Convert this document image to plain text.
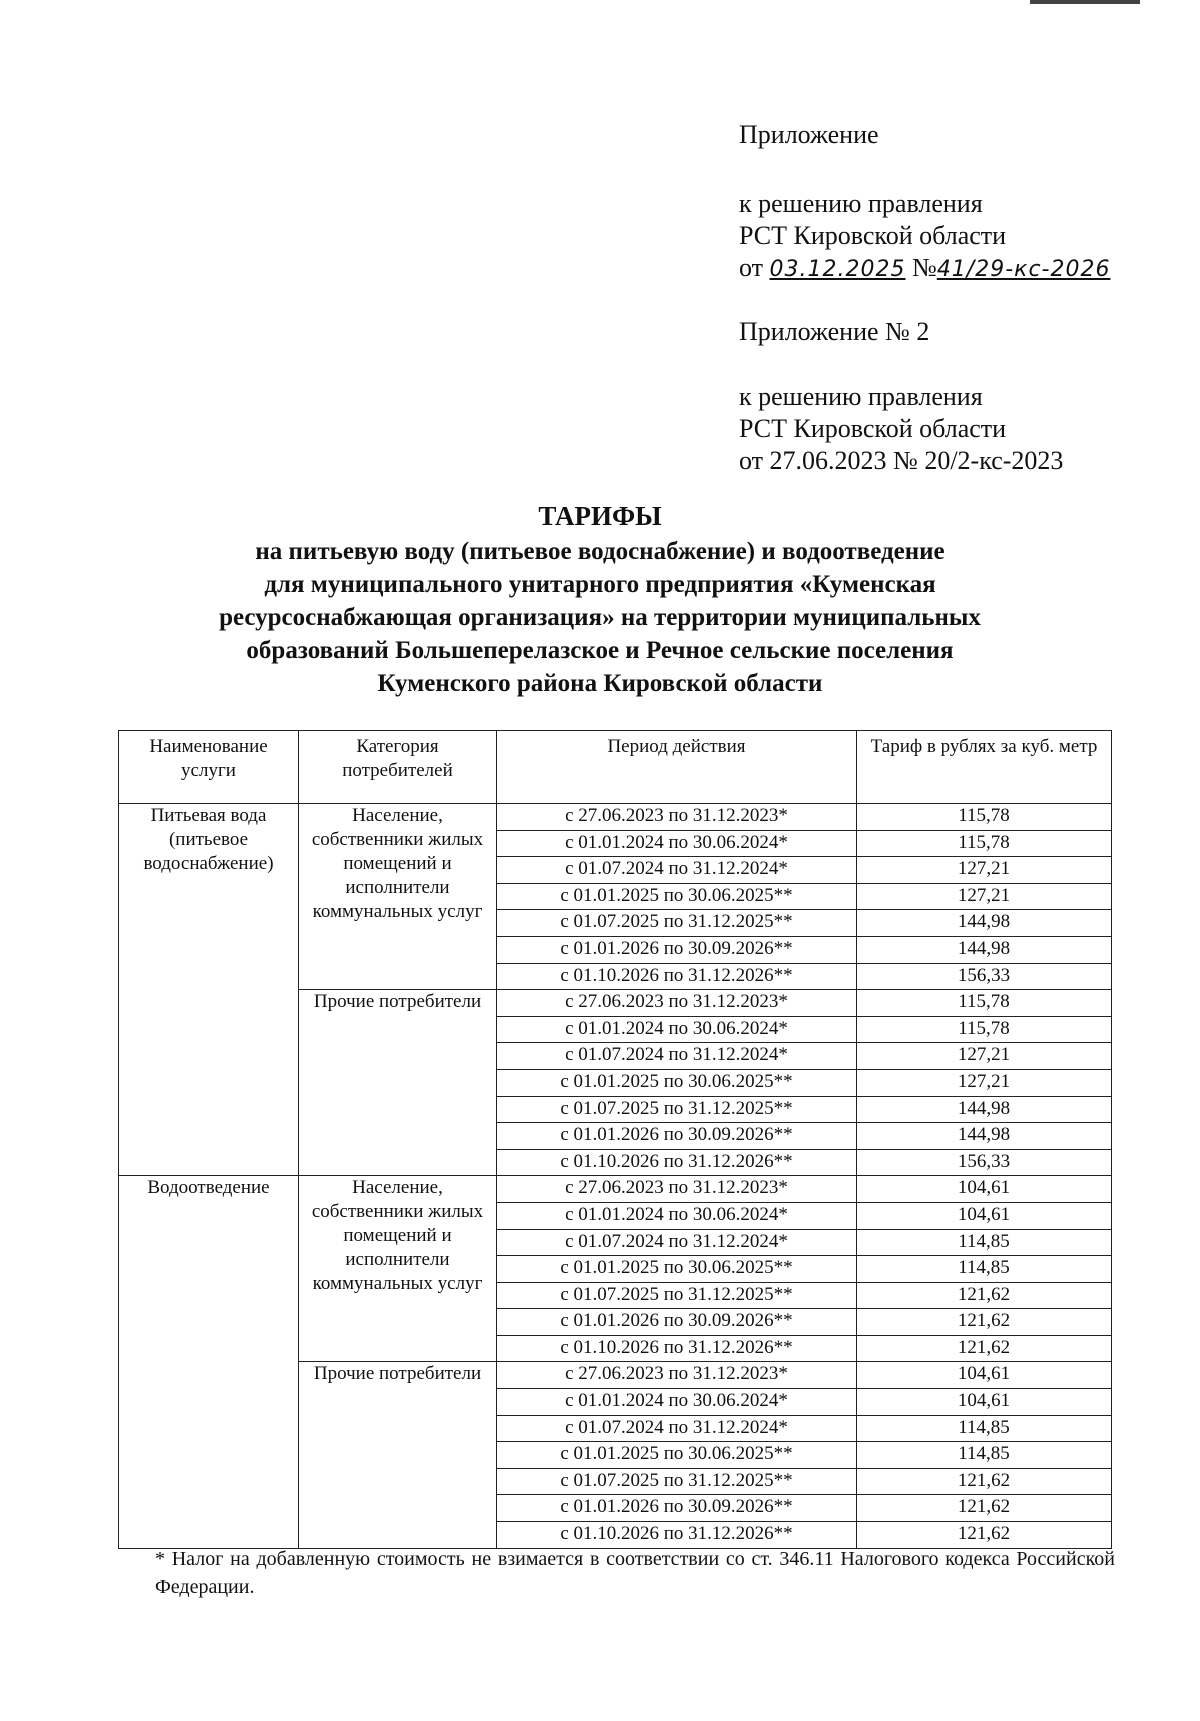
Приложение

к решению правления

РСТ Кировской области

от 03.12.2025 №41/29-кс-2026

Приложение № 2

к решению правления

РСТ Кировской области

от 27.06.2023 № 20/2-кс-2023

ТАРИФЫ
на питьевую воду (питьевое водоснабжение) и водоотведение
для муниципального унитарного предприятия «Куменская
ресурсоснабжающая организация» на территории муниципальных
образований Большеперелазское и Речное сельские поселения
Куменского района Кировской области
Наименование услуги	Категория потребителей	Период действия	Тариф в рублях за куб. метр
Питьевая вода (питьевое водоснабжение)	Население, собственники жилых помещений и исполнители коммунальных услуг	с 27.06.2023 по 31.12.2023*	115,78
		с 01.01.2024 по 30.06.2024*	115,78
		с 01.07.2024 по 31.12.2024*	127,21
		с 01.01.2025 по 30.06.2025**	127,21
		с 01.07.2025 по 31.12.2025**	144,98
		с 01.01.2026 по 30.09.2026**	144,98
		с 01.10.2026 по 31.12.2026**	156,33
	Прочие потребители	с 27.06.2023 по 31.12.2023*	115,78
		с 01.01.2024 по 30.06.2024*	115,78
		с 01.07.2024 по 31.12.2024*	127,21
		с 01.01.2025 по 30.06.2025**	127,21
		с 01.07.2025 по 31.12.2025**	144,98
		с 01.01.2026 по 30.09.2026**	144,98
		с 01.10.2026 по 31.12.2026**	156,33
Водоотведение	Население, собственники жилых помещений и исполнители коммунальных услуг	с 27.06.2023 по 31.12.2023*	104,61
		с 01.01.2024 по 30.06.2024*	104,61
		с 01.07.2024 по 31.12.2024*	114,85
		с 01.01.2025 по 30.06.2025**	114,85
		с 01.07.2025 по 31.12.2025**	121,62
		с 01.01.2026 по 30.09.2026**	121,62
		с 01.10.2026 по 31.12.2026**	121,62
	Прочие потребители	с 27.06.2023 по 31.12.2023*	104,61
		с 01.01.2024 по 30.06.2024*	104,61
		с 01.07.2024 по 31.12.2024*	114,85
		с 01.01.2025 по 30.06.2025**	114,85
		с 01.07.2025 по 31.12.2025**	121,62
		с 01.01.2026 по 30.09.2026**	121,62
		с 01.10.2026 по 31.12.2026**	121,62

* Налог на добавленную стоимость не взимается в соответствии со ст. 346.11 Налогового кодекса Российской Федерации.
